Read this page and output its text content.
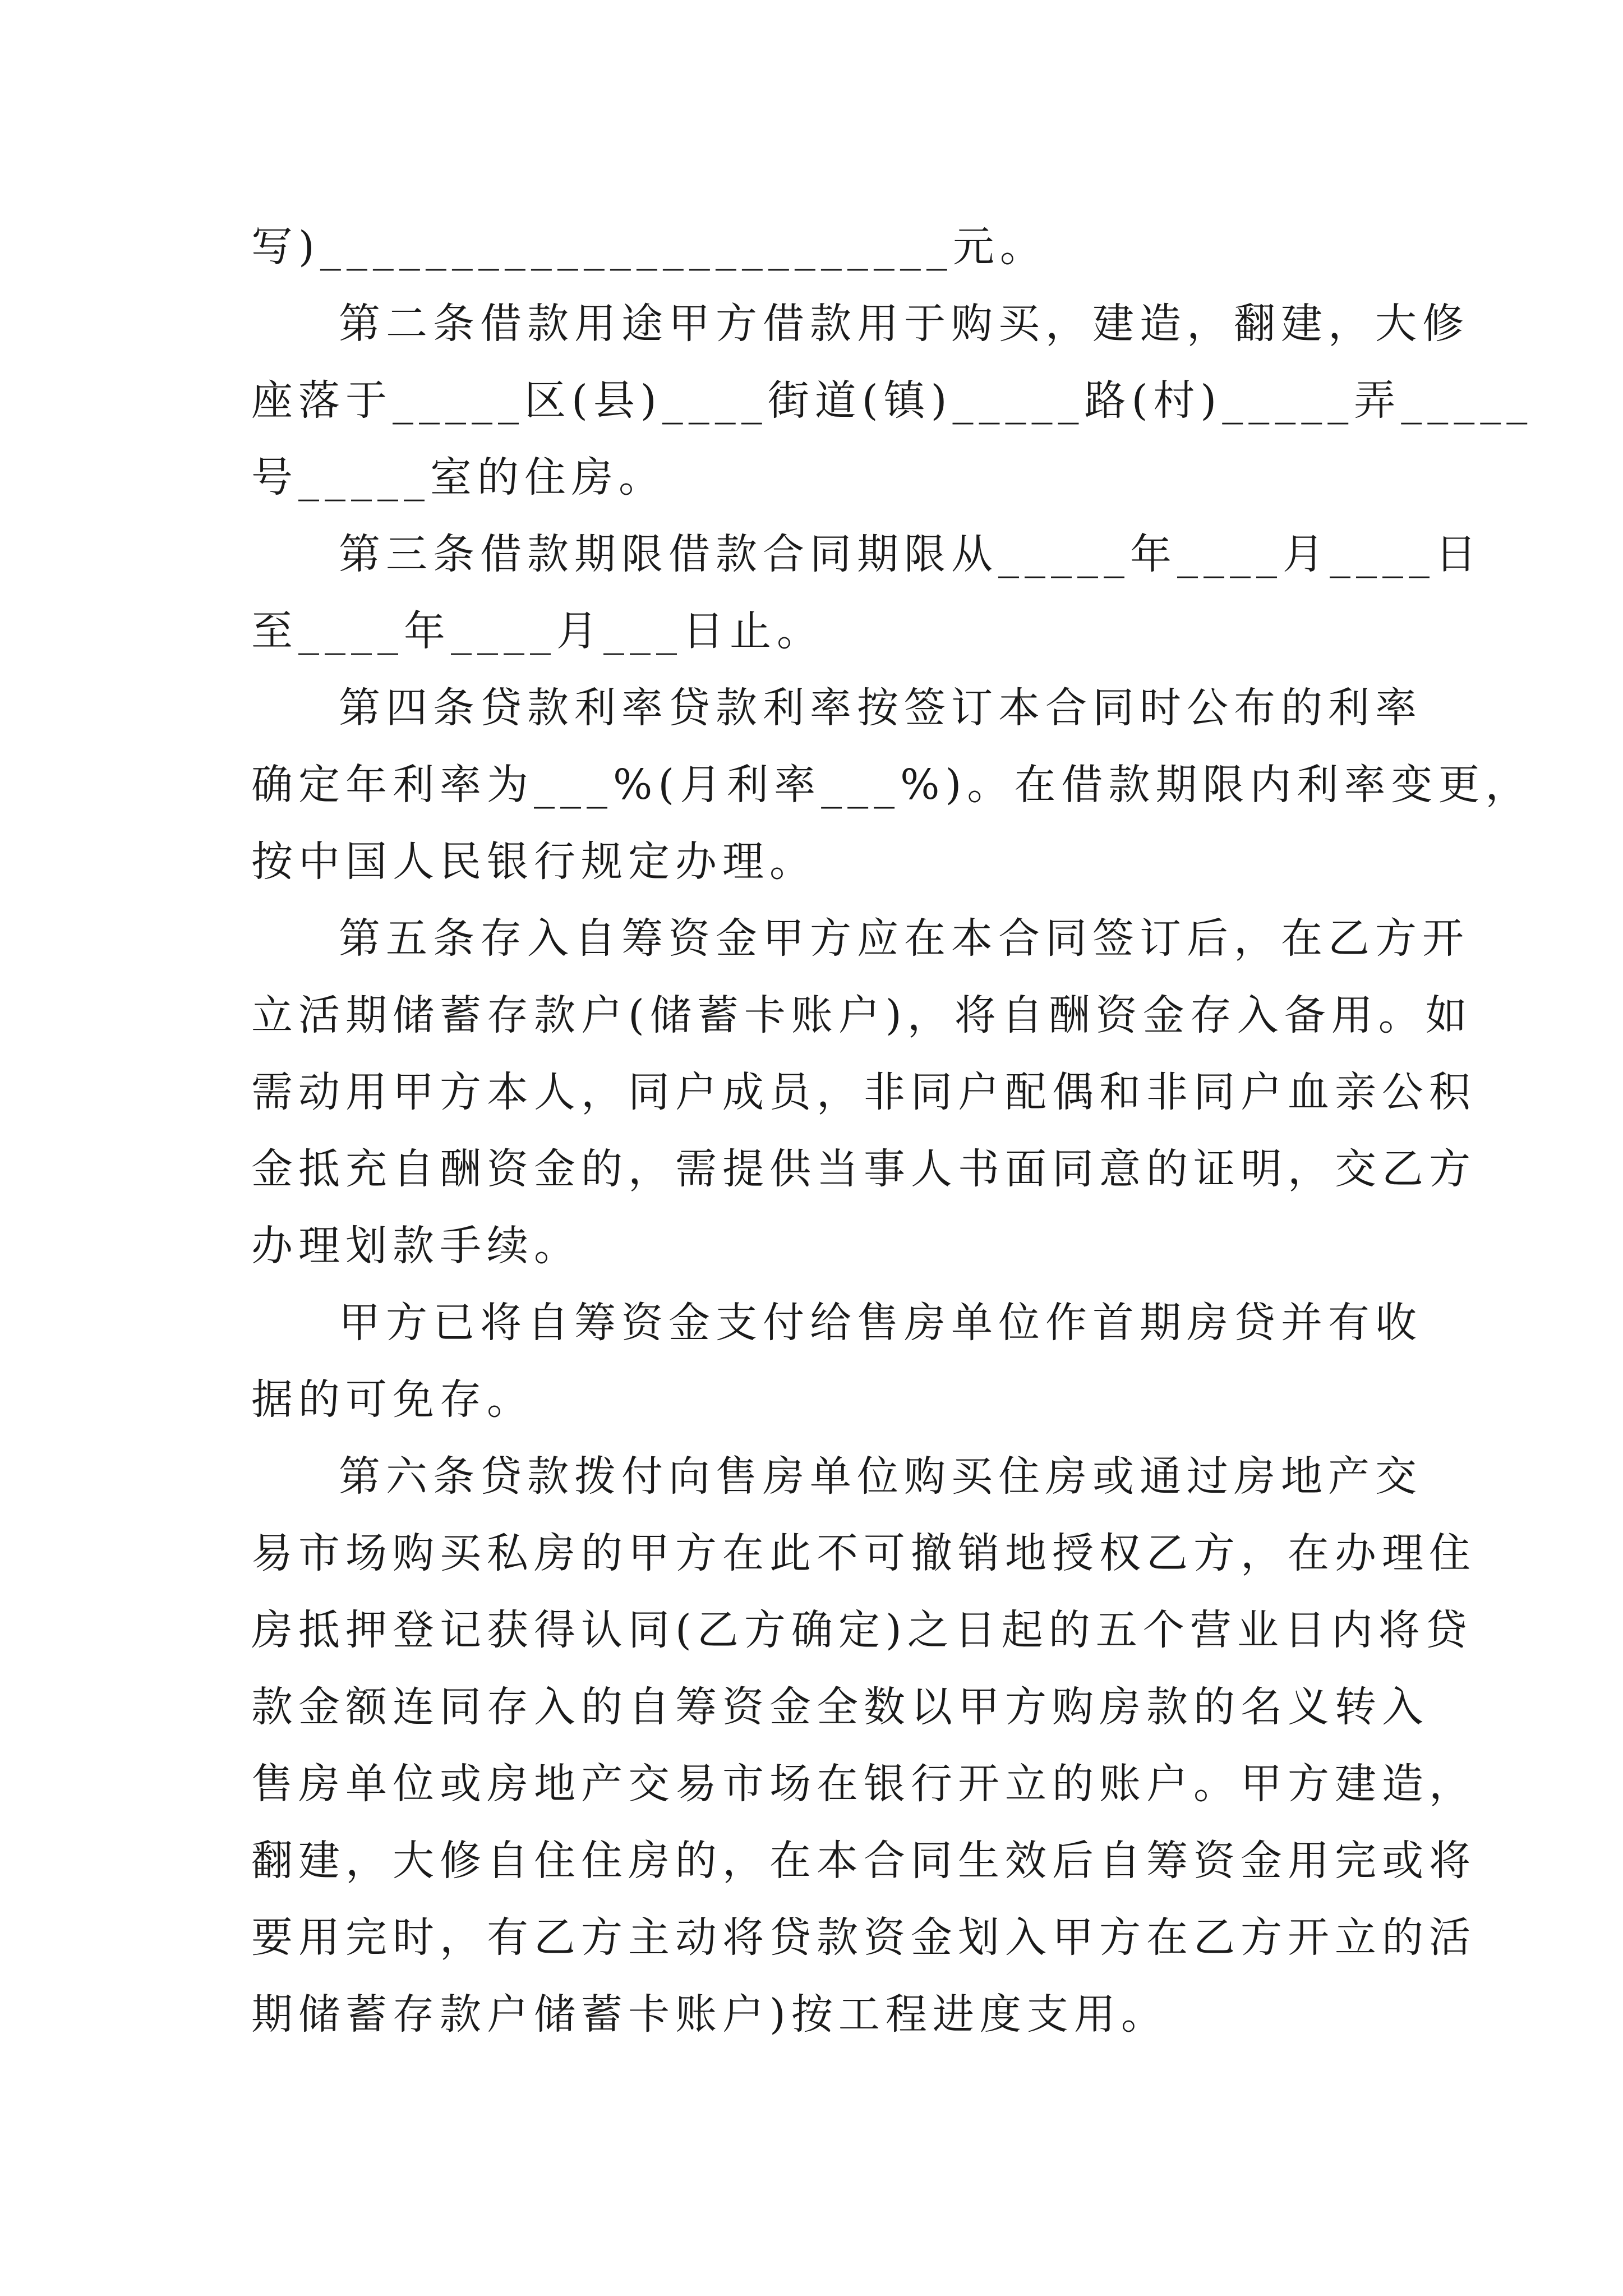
写)________________________元。
第二条借款用途甲方借款用于购买，建造，翻建，大修
座落于_____区(县)____街道(镇)_____路(村)_____弄_____
号_____室的住房。
第三条借款期限借款合同期限从_____年____月____日
至____年____月___日止。
第四条贷款利率贷款利率按签订本合同时公布的利率
确定年利率为___%(月利率___%)。在借款期限内利率变更，
按中国人民银行规定办理。
第五条存入自筹资金甲方应在本合同签订后，在乙方开
立活期储蓄存款户(储蓄卡账户)，将自酬资金存入备用。如
需动用甲方本人，同户成员，非同户配偶和非同户血亲公积
金抵充自酬资金的，需提供当事人书面同意的证明，交乙方
办理划款手续。
甲方已将自筹资金支付给售房单位作首期房贷并有收
据的可免存。
第六条贷款拨付向售房单位购买住房或通过房地产交
易市场购买私房的甲方在此不可撤销地授权乙方，在办理住
房抵押登记获得认同(乙方确定)之日起的五个营业日内将贷
款金额连同存入的自筹资金全数以甲方购房款的名义转入
售房单位或房地产交易市场在银行开立的账户。甲方建造，
翻建，大修自住住房的，在本合同生效后自筹资金用完或将
要用完时，有乙方主动将贷款资金划入甲方在乙方开立的活
期储蓄存款户储蓄卡账户)按工程进度支用。
